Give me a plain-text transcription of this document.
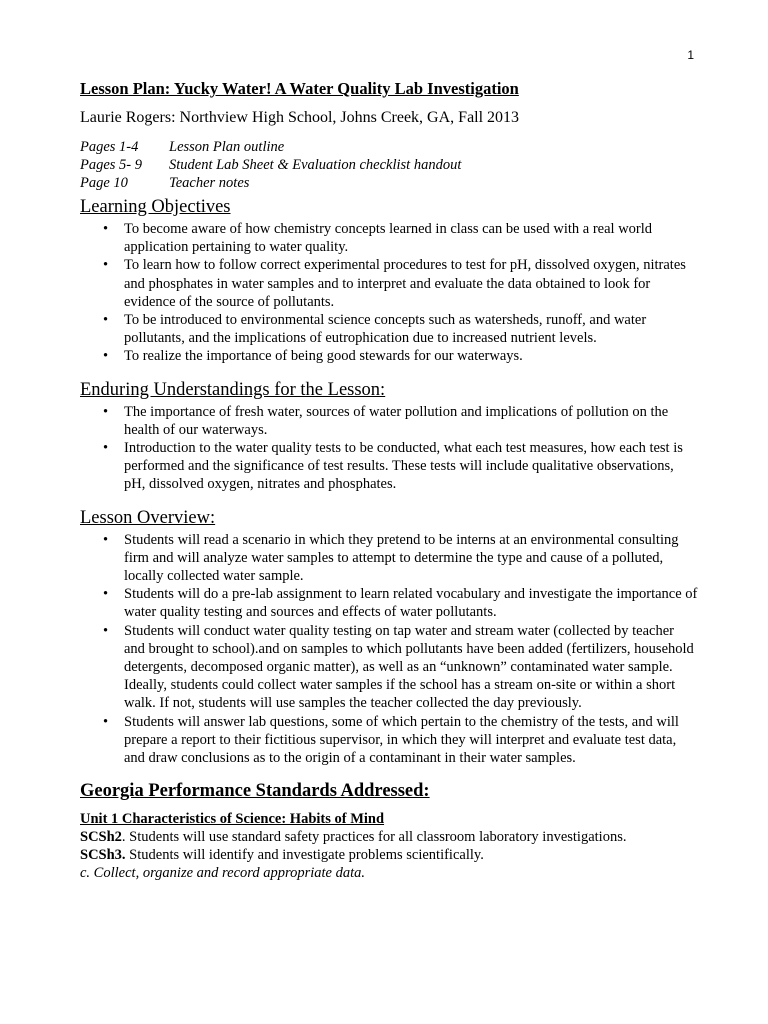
1
Lesson Plan: Yucky Water! A Water Quality Lab Investigation
Laurie Rogers: Northview High School, Johns Creek, GA, Fall 2013
Pages 1-4	Lesson Plan outline
Pages 5- 9	Student Lab Sheet & Evaluation checklist handout
Page 10	Teacher notes
Learning Objectives
• To become aware of how chemistry concepts learned in class can be used with a real world application pertaining to water quality.
• To learn how to follow correct experimental procedures to test for pH, dissolved oxygen, nitrates and phosphates in water samples and to interpret and evaluate the data obtained to look for evidence of the source of pollutants.
• To be introduced to environmental science concepts such as watersheds, runoff, and water pollutants, and the implications of eutrophication due to increased nutrient levels.
• To realize the importance of being good stewards for our waterways.
Enduring Understandings for the Lesson:
• The importance of fresh water, sources of water pollution and implications of pollution on the health of our waterways.
• Introduction to the water quality tests to be conducted, what each test measures, how each test is performed and the significance of test results. These tests will include qualitative observations, pH, dissolved oxygen, nitrates and phosphates.
Lesson Overview:
• Students will read a scenario in which they pretend to be interns at an environmental consulting firm and will analyze water samples to attempt to determine the type and cause of a polluted, locally collected water sample.
• Students will do a pre-lab assignment to learn related vocabulary and investigate the importance of water quality testing and sources and effects of water pollutants.
• Students will conduct water quality testing on tap water and stream water (collected by teacher and brought to school).and on samples to which pollutants have been added (fertilizers, household detergents, decomposed organic matter), as well as an “unknown” contaminated water sample. Ideally, students could collect water samples if the school has a stream on-site or within a short walk. If not, students will use samples the teacher collected the day previously.
• Students will answer lab questions, some of which pertain to the chemistry of the tests, and will prepare a report to their fictitious supervisor, in which they will interpret and evaluate test data, and draw conclusions as to the origin of a contaminant in their water samples.
Georgia Performance Standards Addressed:
Unit 1 Characteristics of Science: Habits of Mind
SCSh2. Students will use standard safety practices for all classroom laboratory investigations.
SCSh3. Students will identify and investigate problems scientifically.
c. Collect, organize and record appropriate data.
